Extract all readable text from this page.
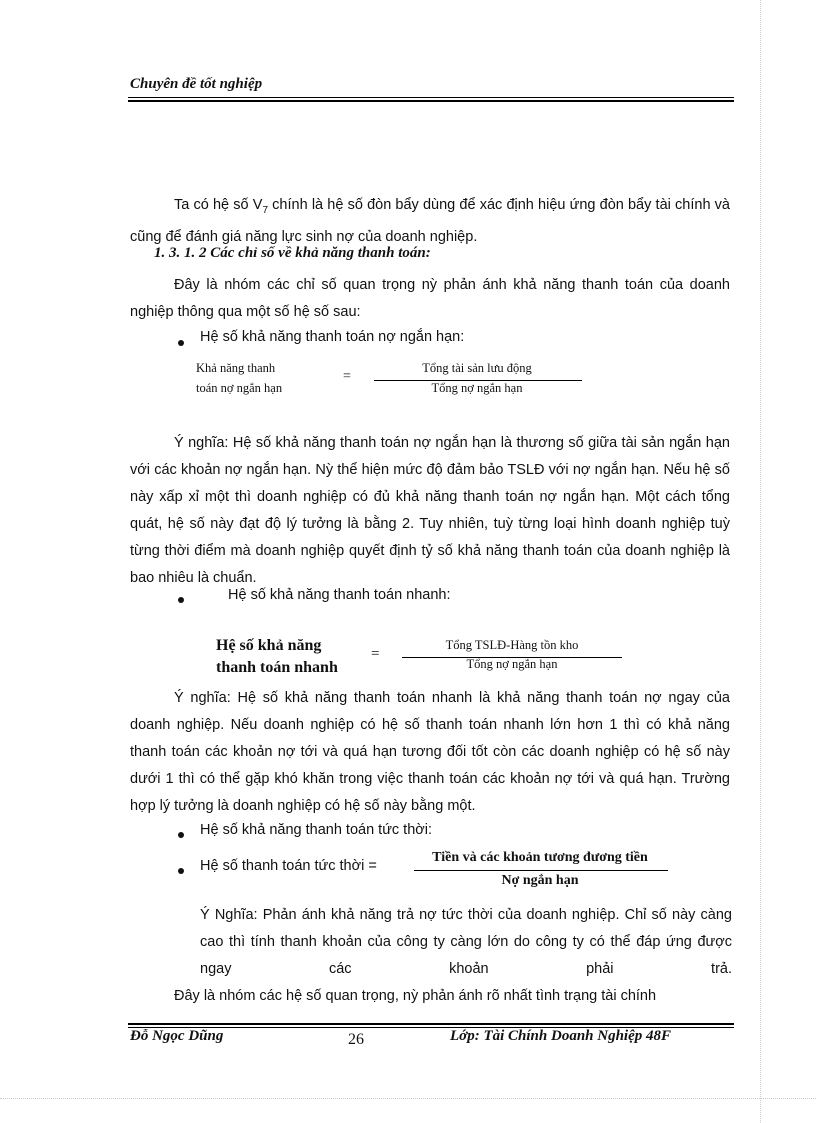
Chuyên đề tốt nghiệp
Ta có hệ số $V_7$ chính là hệ số đòn bẩy dùng để xác định hiệu ứng đòn bẩy tài chính và cũng để đánh giá năng lực sinh nợ của doanh nghiệp.
1. 3. 1. 2 Các chỉ số về khả năng thanh toán:
Đây là nhóm các chỉ số quan trọng nỳ phản ánh khả năng thanh toán của doanh nghiệp thông qua một số hệ số sau:
Hệ số khả năng thanh toán nợ ngắn hạn:
Khả năng thanh
toán nợ ngắn hạn
=
Tổng tài sản lưu động
Tổng nợ ngắn hạn
Ý nghĩa: Hệ số khả năng thanh toán nợ ngắn hạn là thương số giữa tài sản ngắn hạn với các khoản nợ ngắn hạn. Nỳ thể hiện mức độ đảm bảo TSLĐ với nợ ngắn hạn. Nếu hệ số này xấp xỉ một thì doanh nghiệp có đủ khả năng thanh toán nợ ngắn hạn. Một cách tổng quát, hệ số này đạt độ lý tưởng là bằng 2. Tuy nhiên, tuỳ từng loại hình doanh nghiệp tuỳ từng thời điểm mà doanh nghiệp quyết định tỷ số khả năng thanh toán của doanh nghiệp là bao nhiêu là chuẩn.
Hệ số khả năng thanh toán nhanh:
Hệ số khả năng
thanh toán nhanh
=
Tổng TSLĐ-Hàng tồn kho
Tổng nợ ngắn hạn
Ý nghĩa: Hệ số khả năng thanh toán nhanh là khả năng thanh toán nợ ngay của doanh nghiệp. Nếu doanh nghiệp có hệ số thanh toán nhanh lớn hơn 1 thì có khả năng thanh toán các khoản nợ tới và quá hạn tương đối tốt còn các doanh nghiệp có hệ số này dưới 1 thì có thể gặp khó khăn trong việc thanh toán các khoản nợ tới và quá hạn. Trường hợp lý tưởng là doanh nghiệp có hệ số này bằng một.
Hệ số khả năng thanh toán tức thời:
Hệ số thanh toán tức thời =
Tiền và các khoản tương đương tiền
Nợ ngắn hạn
Ý Nghĩa: Phản ánh khả năng trả nợ tức thời của doanh nghiệp. Chỉ số này càng cao thì tính thanh khoản của công ty càng lớn do công ty có thể đáp ứng được ngay các khoản phải trả.
Đây là nhóm các hệ số quan trọng, nỳ phản ánh rõ nhất tình trạng tài chính
Đỗ Ngọc Dũng	26	Lớp: Tài Chính Doanh Nghiệp 48F
